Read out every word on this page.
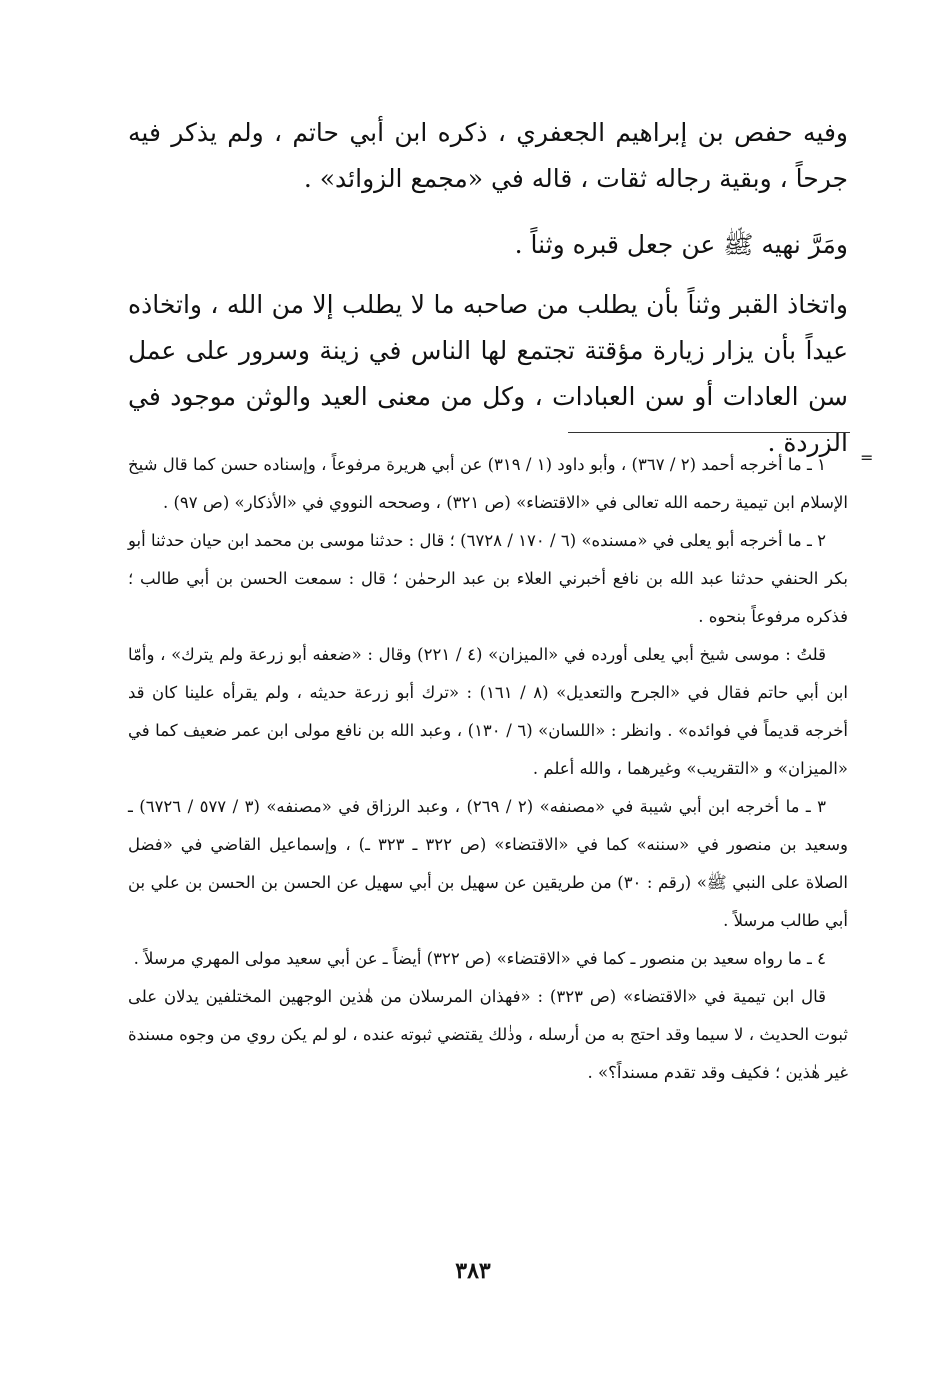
وفيه حفص بن إبراهيم الجعفري ، ذكره ابن أبي حاتم ، ولم يذكر فيه جرحاً ، وبقية رجاله ثقات ، قاله في «مجمع الزوائد» .

ومَرَّ نهيه ﷺ عن جعل قبره وثناً .

واتخاذ القبر وثناً بأن يطلب من صاحبه ما لا يطلب إلا من الله ، واتخاذه عيداً بأن يزار زيارة مؤقتة تجتمع لها الناس في زينة وسرور على عمل سن العادات أو سن العبادات ، وكل من معنى العيد والوثن موجود في الزردة .

=

١ ـ ما أخرجه أحمد (٢ / ٣٦٧) ، وأبو داود (١ / ٣١٩) عن أبي هريرة مرفوعاً ، وإسناده حسن كما قال شيخ الإسلام ابن تيمية رحمه الله تعالى في «الاقتضاء» (ص ٣٢١) ، وصححه النووي في «الأذكار» (ص ٩٧) .

٢ ـ ما أخرجه أبو يعلى في «مسنده» (٦ / ١٧٠ / ٦٧٢٨) ؛ قال : حدثنا موسى بن محمد ابن حيان حدثنا أبو بكر الحنفي حدثنا عبد الله بن نافع أخبرني العلاء بن عبد الرحمٰن ؛ قال : سمعت الحسن بن أبي طالب ؛ فذكره مرفوعاً بنحوه .

قلتُ : موسى شيخ أبي يعلى أورده في «الميزان» (٤ / ٢٢١) وقال : «ضعفه أبو زرعة ولم يترك» ، وأمّا ابن أبي حاتم فقال في «الجرح والتعديل» (٨ / ١٦١) : «ترك أبو زرعة حديثه ، ولم يقرأه علينا كان قد أخرجه قديماً في فوائده» . وانظر : «اللسان» (٦ / ١٣٠) ، وعبد الله بن نافع مولى ابن عمر ضعيف كما في «الميزان» و «التقريب» وغيرهما ، والله أعلم .

٣ ـ ما أخرجه ابن أبي شيبة في «مصنفه» (٢ / ٢٦٩) ، وعبد الرزاق في «مصنفه» (٣ / ٥٧٧ / ٦٧٢٦) ـ وسعيد بن منصور في «سننه» كما في «الاقتضاء» (ص ٣٢٢ ـ ٣٢٣ ـ) ، وإسماعيل القاضي في «فضل الصلاة على النبي ﷺ» (رقم : ٣٠) من طريقين عن سهيل بن أبي سهيل عن الحسن بن الحسن بن علي بن أبي طالب مرسلاً .

٤ ـ ما رواه سعيد بن منصور ـ كما في «الاقتضاء» (ص ٣٢٢) أيضاً ـ عن أبي سعيد مولى المهري مرسلاً .

قال ابن تيمية في «الاقتضاء» (ص ٣٢٣) : «فهذان المرسلان من هٰذين الوجهين المختلفين يدلان على ثبوت الحديث ، لا سيما وقد احتج به من أرسله ، وذٰلك يقتضي ثبوته عنده ، لو لم يكن روي من وجوه مسندة غير هٰذين ؛ فكيف وقد تقدم مسنداً؟» .

٣٨٣
